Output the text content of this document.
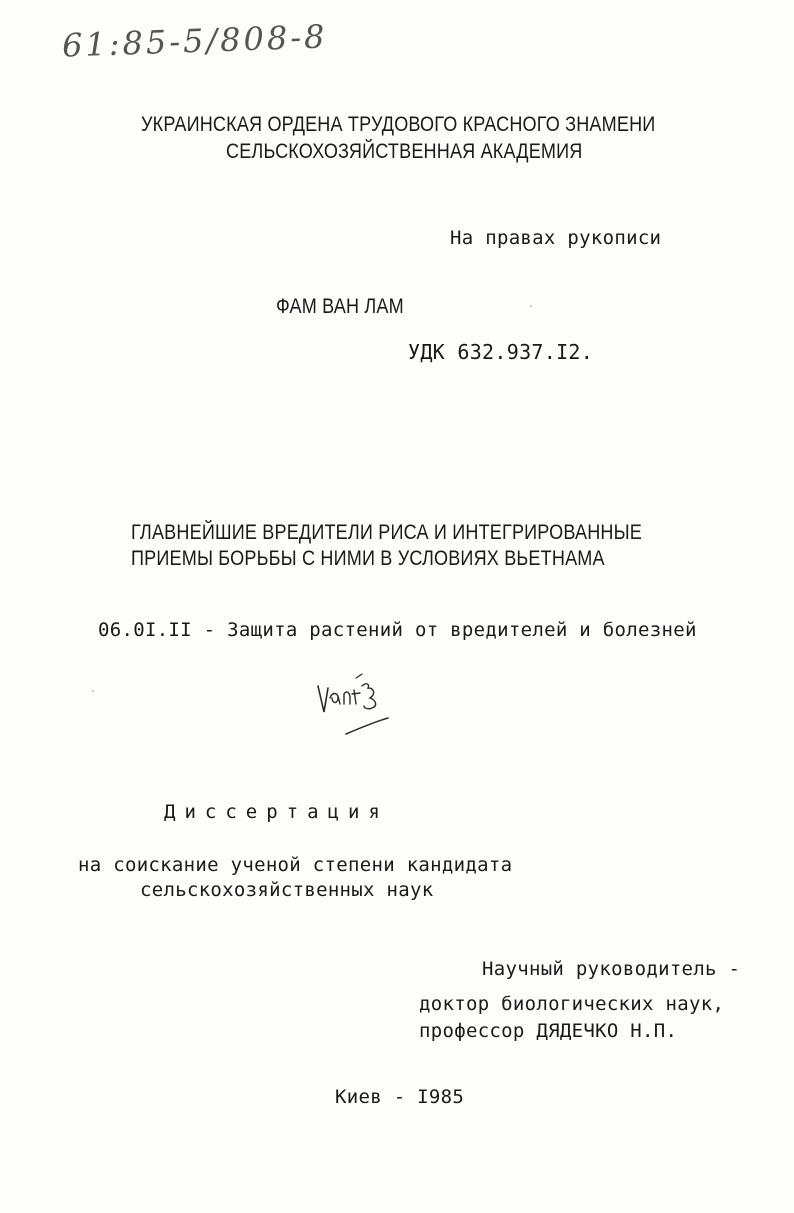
61:85-5/808-8
УКРАИНСКАЯ ОРДЕНА ТРУДОВОГО КРАСНОГО ЗНАМЕНИ
СЕЛЬСКОХОЗЯЙСТВЕННАЯ АКАДЕМИЯ
На правах рукописи
ФАМ ВАН ЛАМ
УДК 632.937.I2.
ГЛАВНЕЙШИЕ ВРЕДИТЕЛИ РИСА И ИНТЕГРИРОВАННЫЕ
ПРИЕМЫ БОРЬБЫ С НИМИ В УСЛОВИЯХ ВЬЕТНАМА
06.0I.II - Защита растений от вредителей и болезней
Диссертация
на соискание ученой степени кандидата
сельскохозяйственных наук
Научный руководитель -
доктор биологических наук,
профессор ДЯДЕЧКО Н.П.
Киев - I985
